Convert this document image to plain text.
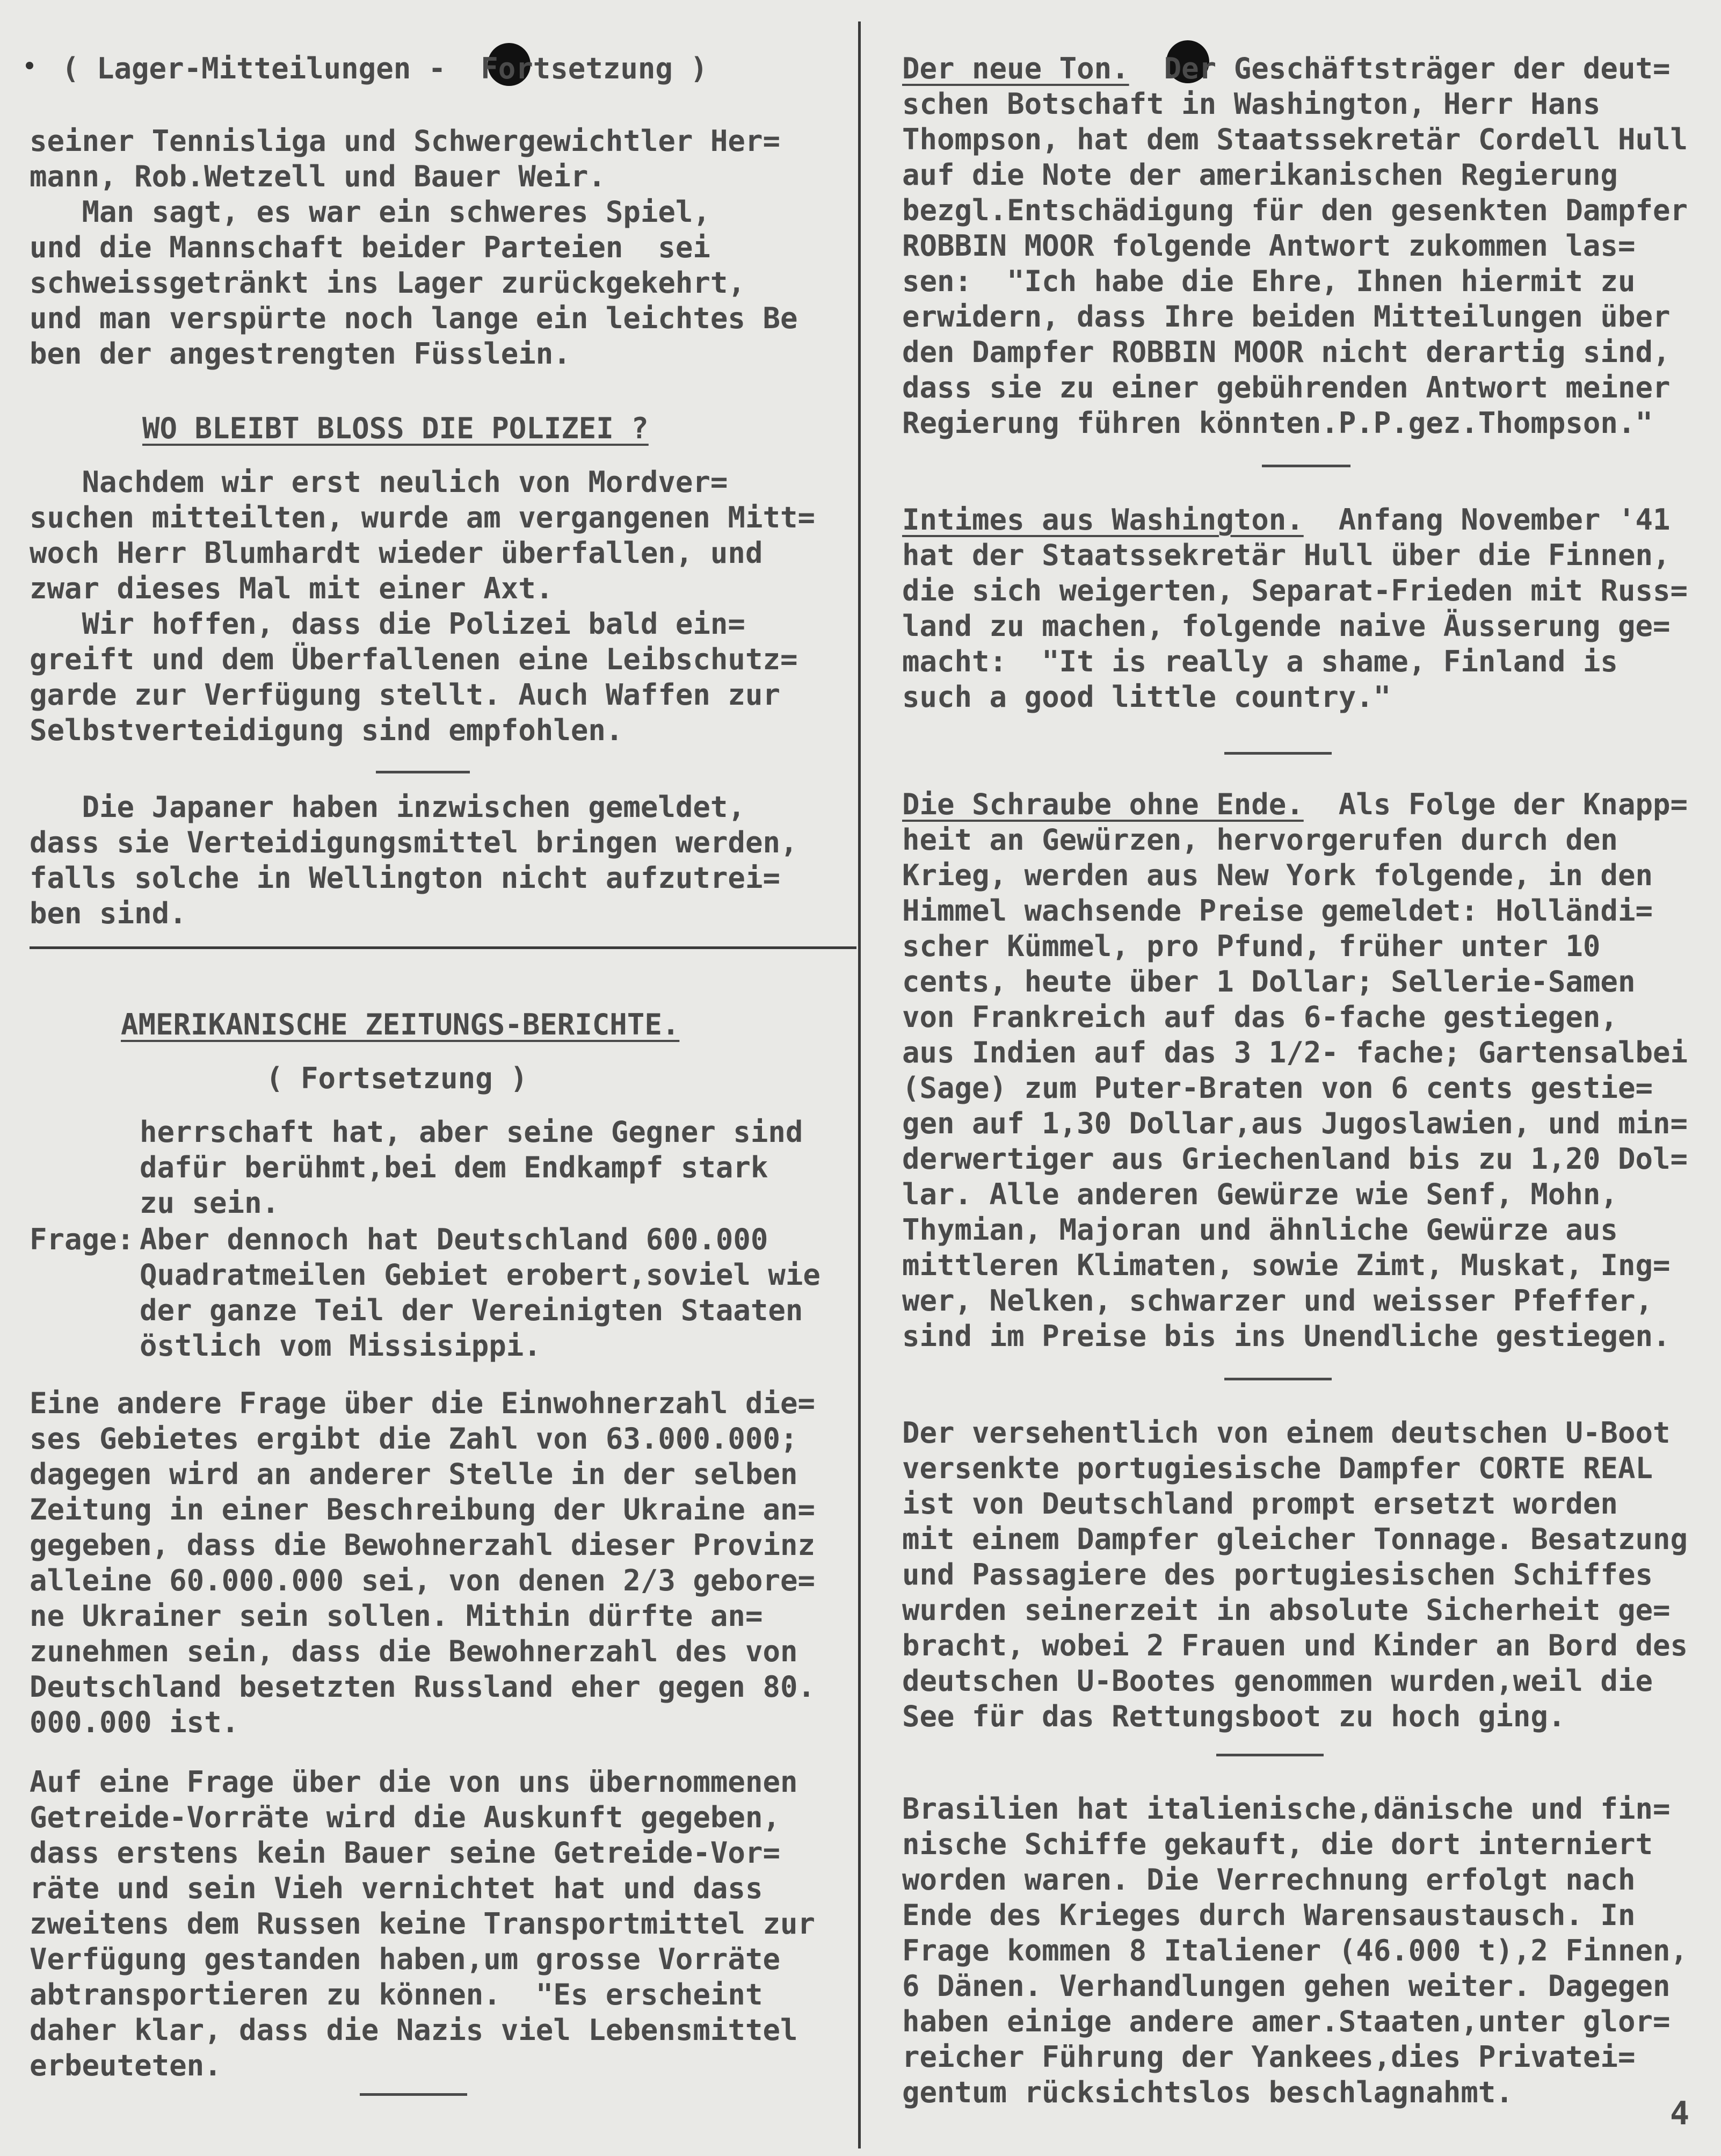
( Lager-Mitteilungen -  Fortsetzung )
seiner Tennisliga und Schwergewichtler Her=
mann, Rob.Wetzell und Bauer Weir.
Man sagt, es war ein schweres Spiel,
und die Mannschaft beider Parteien  sei
schweissgetränkt ins Lager zurückgekehrt,
und man verspürte noch lange ein leichtes Be
ben der angestrengten Füsslein.
WO BLEIBT BLOSS DIE POLIZEI ?
Nachdem wir erst neulich von Mordver=
suchen mitteilten, wurde am vergangenen Mitt=
woch Herr Blumhardt wieder überfallen, und
zwar dieses Mal mit einer Axt.
Wir hoffen, dass die Polizei bald ein=
greift und dem Überfallenen eine Leibschutz=
garde zur Verfügung stellt. Auch Waffen zur
Selbstverteidigung sind empfohlen.
Die Japaner haben inzwischen gemeldet,
dass sie Verteidigungsmittel bringen werden,
falls solche in Wellington nicht aufzutrei=
ben sind.
AMERIKANISCHE ZEITUNGS-BERICHTE.
( Fortsetzung )
herrschaft hat, aber seine Gegner sind
dafür berühmt,bei dem Endkampf stark
zu sein.
Frage: Aber dennoch hat Deutschland 600.000
Quadratmeilen Gebiet erobert,soviel wie
der ganze Teil der Vereinigten Staaten
östlich vom Missisippi.
Eine andere Frage über die Einwohnerzahl die=
ses Gebietes ergibt die Zahl von 63.000.000;
dagegen wird an anderer Stelle in der selben
Zeitung in einer Beschreibung der Ukraine an=
gegeben, dass die Bewohnerzahl dieser Provinz
alleine 60.000.000 sei, von denen 2/3 gebore=
ne Ukrainer sein sollen. Mithin dürfte an=
zunehmen sein, dass die Bewohnerzahl des von
Deutschland besetzten Russland eher gegen 80.
000.000 ist.
Auf eine Frage über die von uns übernommenen
Getreide-Vorräte wird die Auskunft gegeben,
dass erstens kein Bauer seine Getreide-Vor=
räte und sein Vieh vernichtet hat und dass
zweitens dem Russen keine Transportmittel zur
Verfügung gestanden haben,um grosse Vorräte
abtransportieren zu können.  "Es erscheint
daher klar, dass die Nazis viel Lebensmittel
erbeuteten.
Der neue Ton.  Der Geschäftsträger der deut=
schen Botschaft in Washington, Herr Hans
Thompson, hat dem Staatssekretär Cordell Hull
auf die Note der amerikanischen Regierung
bezgl.Entschädigung für den gesenkten Dampfer
ROBBIN MOOR folgende Antwort zukommen las=
sen:  "Ich habe die Ehre, Ihnen hiermit zu
erwidern, dass Ihre beiden Mitteilungen über
den Dampfer ROBBIN MOOR nicht derartig sind,
dass sie zu einer gebührenden Antwort meiner
Regierung führen könnten.P.P.gez.Thompson."
Intimes aus Washington.  Anfang November '41
hat der Staatssekretär Hull über die Finnen,
die sich weigerten, Separat-Frieden mit Russ=
land zu machen, folgende naive Äusserung ge=
macht:  "It is really a shame, Finland is
such a good little country."
Die Schraube ohne Ende.  Als Folge der Knapp=
heit an Gewürzen, hervorgerufen durch den
Krieg, werden aus New York folgende, in den
Himmel wachsende Preise gemeldet: Holländi=
scher Kümmel, pro Pfund, früher unter 10
cents, heute über 1 Dollar; Sellerie-Samen
von Frankreich auf das 6-fache gestiegen,
aus Indien auf das 3 1/2- fache; Gartensalbei
(Sage) zum Puter-Braten von 6 cents gestie=
gen auf 1,30 Dollar,aus Jugoslawien, und min=
derwertiger aus Griechenland bis zu 1,20 Dol=
lar. Alle anderen Gewürze wie Senf, Mohn,
Thymian, Majoran und ähnliche Gewürze aus
mittleren Klimaten, sowie Zimt, Muskat, Ing=
wer, Nelken, schwarzer und weisser Pfeffer,
sind im Preise bis ins Unendliche gestiegen.
Der versehentlich von einem deutschen U-Boot
versenkte portugiesische Dampfer CORTE REAL
ist von Deutschland prompt ersetzt worden
mit einem Dampfer gleicher Tonnage. Besatzung
und Passagiere des portugiesischen Schiffes
wurden seinerzeit in absolute Sicherheit ge=
bracht, wobei 2 Frauen und Kinder an Bord des
deutschen U-Bootes genommen wurden,weil die
See für das Rettungsboot zu hoch ging.
Brasilien hat italienische,dänische und fin=
nische Schiffe gekauft, die dort interniert
worden waren. Die Verrechnung erfolgt nach
Ende des Krieges durch Warensaustausch. In
Frage kommen 8 Italiener (46.000 t),2 Finnen,
6 Dänen. Verhandlungen gehen weiter. Dagegen
haben einige andere amer.Staaten,unter glor=
reicher Führung der Yankees,dies Privatei=
gentum rücksichtslos beschlagnahmt.
4
